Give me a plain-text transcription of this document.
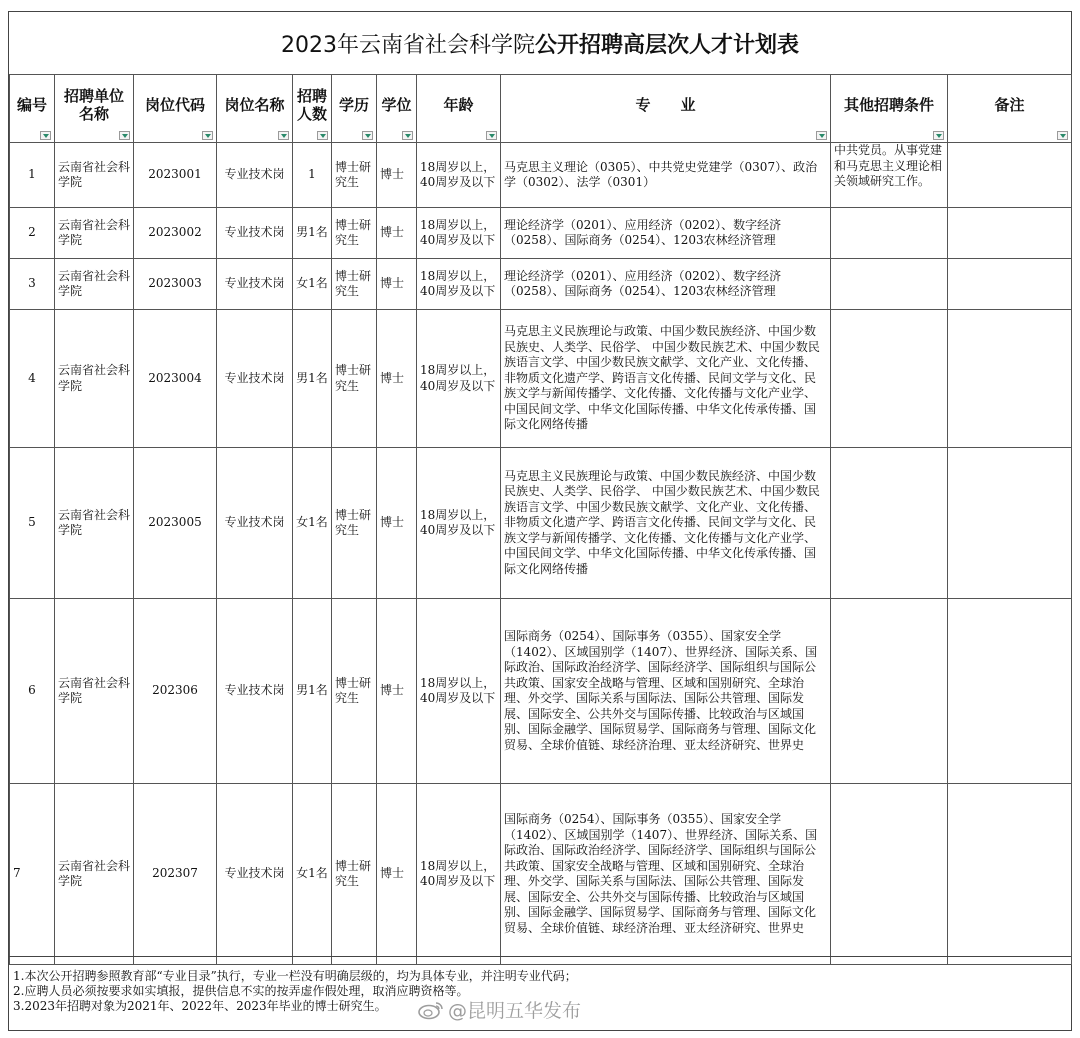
2023年云南省社会科学院 公开招聘高层次人才计划表
编号	招聘单位名称	岗位代码	岗位名称	招聘人数	学历	学位	年龄	专　　业	其他招聘条件	备注

1	云南省社会科学院	2023001	专业技术岗	1	博士研究生	博士	18周岁以上，40周岁及以下	马克思主义理论（0305）、中共党史党建学（0307）、政治学（0302）、法学（0301）	中共党员。从事党建和马克思主义理论相关领域研究工作。	
2	云南省社会科学院	2023002	专业技术岗	男1名	博士研究生	博士	18周岁以上，40周岁及以下	理论经济学（0201）、应用经济（0202）、数字经济（0258）、国际商务（0254）、1203农林经济管理		
3	云南省社会科学院	2023003	专业技术岗	女1名	博士研究生	博士	18周岁以上，40周岁及以下	理论经济学（0201）、应用经济（0202）、数字经济（0258）、国际商务（0254）、1203农林经济管理		
4	云南省社会科学院	2023004	专业技术岗	男1名	博士研究生	博士	18周岁以上，40周岁及以下	马克思主义民族理论与政策、中国少数民族经济、中国少数民族史、人类学、民俗学、 中国少数民族艺术、中国少数民族语言文学、中国少数民族文献学、文化产业、文化传播、非物质文化遗产学、跨语言文化传播、民间文学与文化、民族文学与新闻传播学、文化传播、文化传播与文化产业学、中国民间文学、中华文化国际传播、中华文化传承传播、国际文化网络传播		
5	云南省社会科学院	2023005	专业技术岗	女1名	博士研究生	博士	18周岁以上，40周岁及以下	马克思主义民族理论与政策、中国少数民族经济、中国少数民族史、人类学、民俗学、 中国少数民族艺术、中国少数民族语言文学、中国少数民族文献学、文化产业、文化传播、非物质文化遗产学、跨语言文化传播、民间文学与文化、民族文学与新闻传播学、文化传播、文化传播与文化产业学、中国民间文学、中华文化国际传播、中华文化传承传播、国际文化网络传播		
6	云南省社会科学院	202306	专业技术岗	男1名	博士研究生	博士	18周岁以上，40周岁及以下	国际商务（0254）、国际事务（0355）、国家安全学（1402）、区域国别学（1407）、世界经济、国际关系、国际政治、国际政治经济学、国际经济学、国际组织与国际公共政策、国家安全战略与管理、区域和国别研究、全球治理、外交学、国际关系与国际法、国际公共管理、国际发展、国际安全、公共外交与国际传播、比较政治与区域国别、国际金融学、国际贸易学、国际商务与管理、国际文化贸易、全球价值链、球经济治理、亚太经济研究、世界史		
7	云南省社会科学院	202307	专业技术岗	女1名	博士研究生	博士	18周岁以上，40周岁及以下	国际商务（0254）、国际事务（0355）、国家安全学（1402）、区域国别学（1407）、世界经济、国际关系、国际政治、国际政治经济学、国际经济学、国际组织与国际公共政策、国家安全战略与管理、区域和国别研究、全球治理、外交学、国际关系与国际法、国际公共管理、国际发展、国际安全、公共外交与国际传播、比较政治与区域国别、国际金融学、国际贸易学、国际商务与管理、国际文化贸易、全球价值链、球经济治理、亚太经济研究、世界史		
1.本次公开招聘参照教育部“专业目录”执行，专业一栏没有明确层级的，均为具体专业，并注明专业代码；
2.应聘人员必须按要求如实填报，提供信息不实的按弄虚作假处理，取消应聘资格等。
3.2023年招聘对象为2021年、2022年、2023年毕业的博士研究生。	@昆明五华发布
